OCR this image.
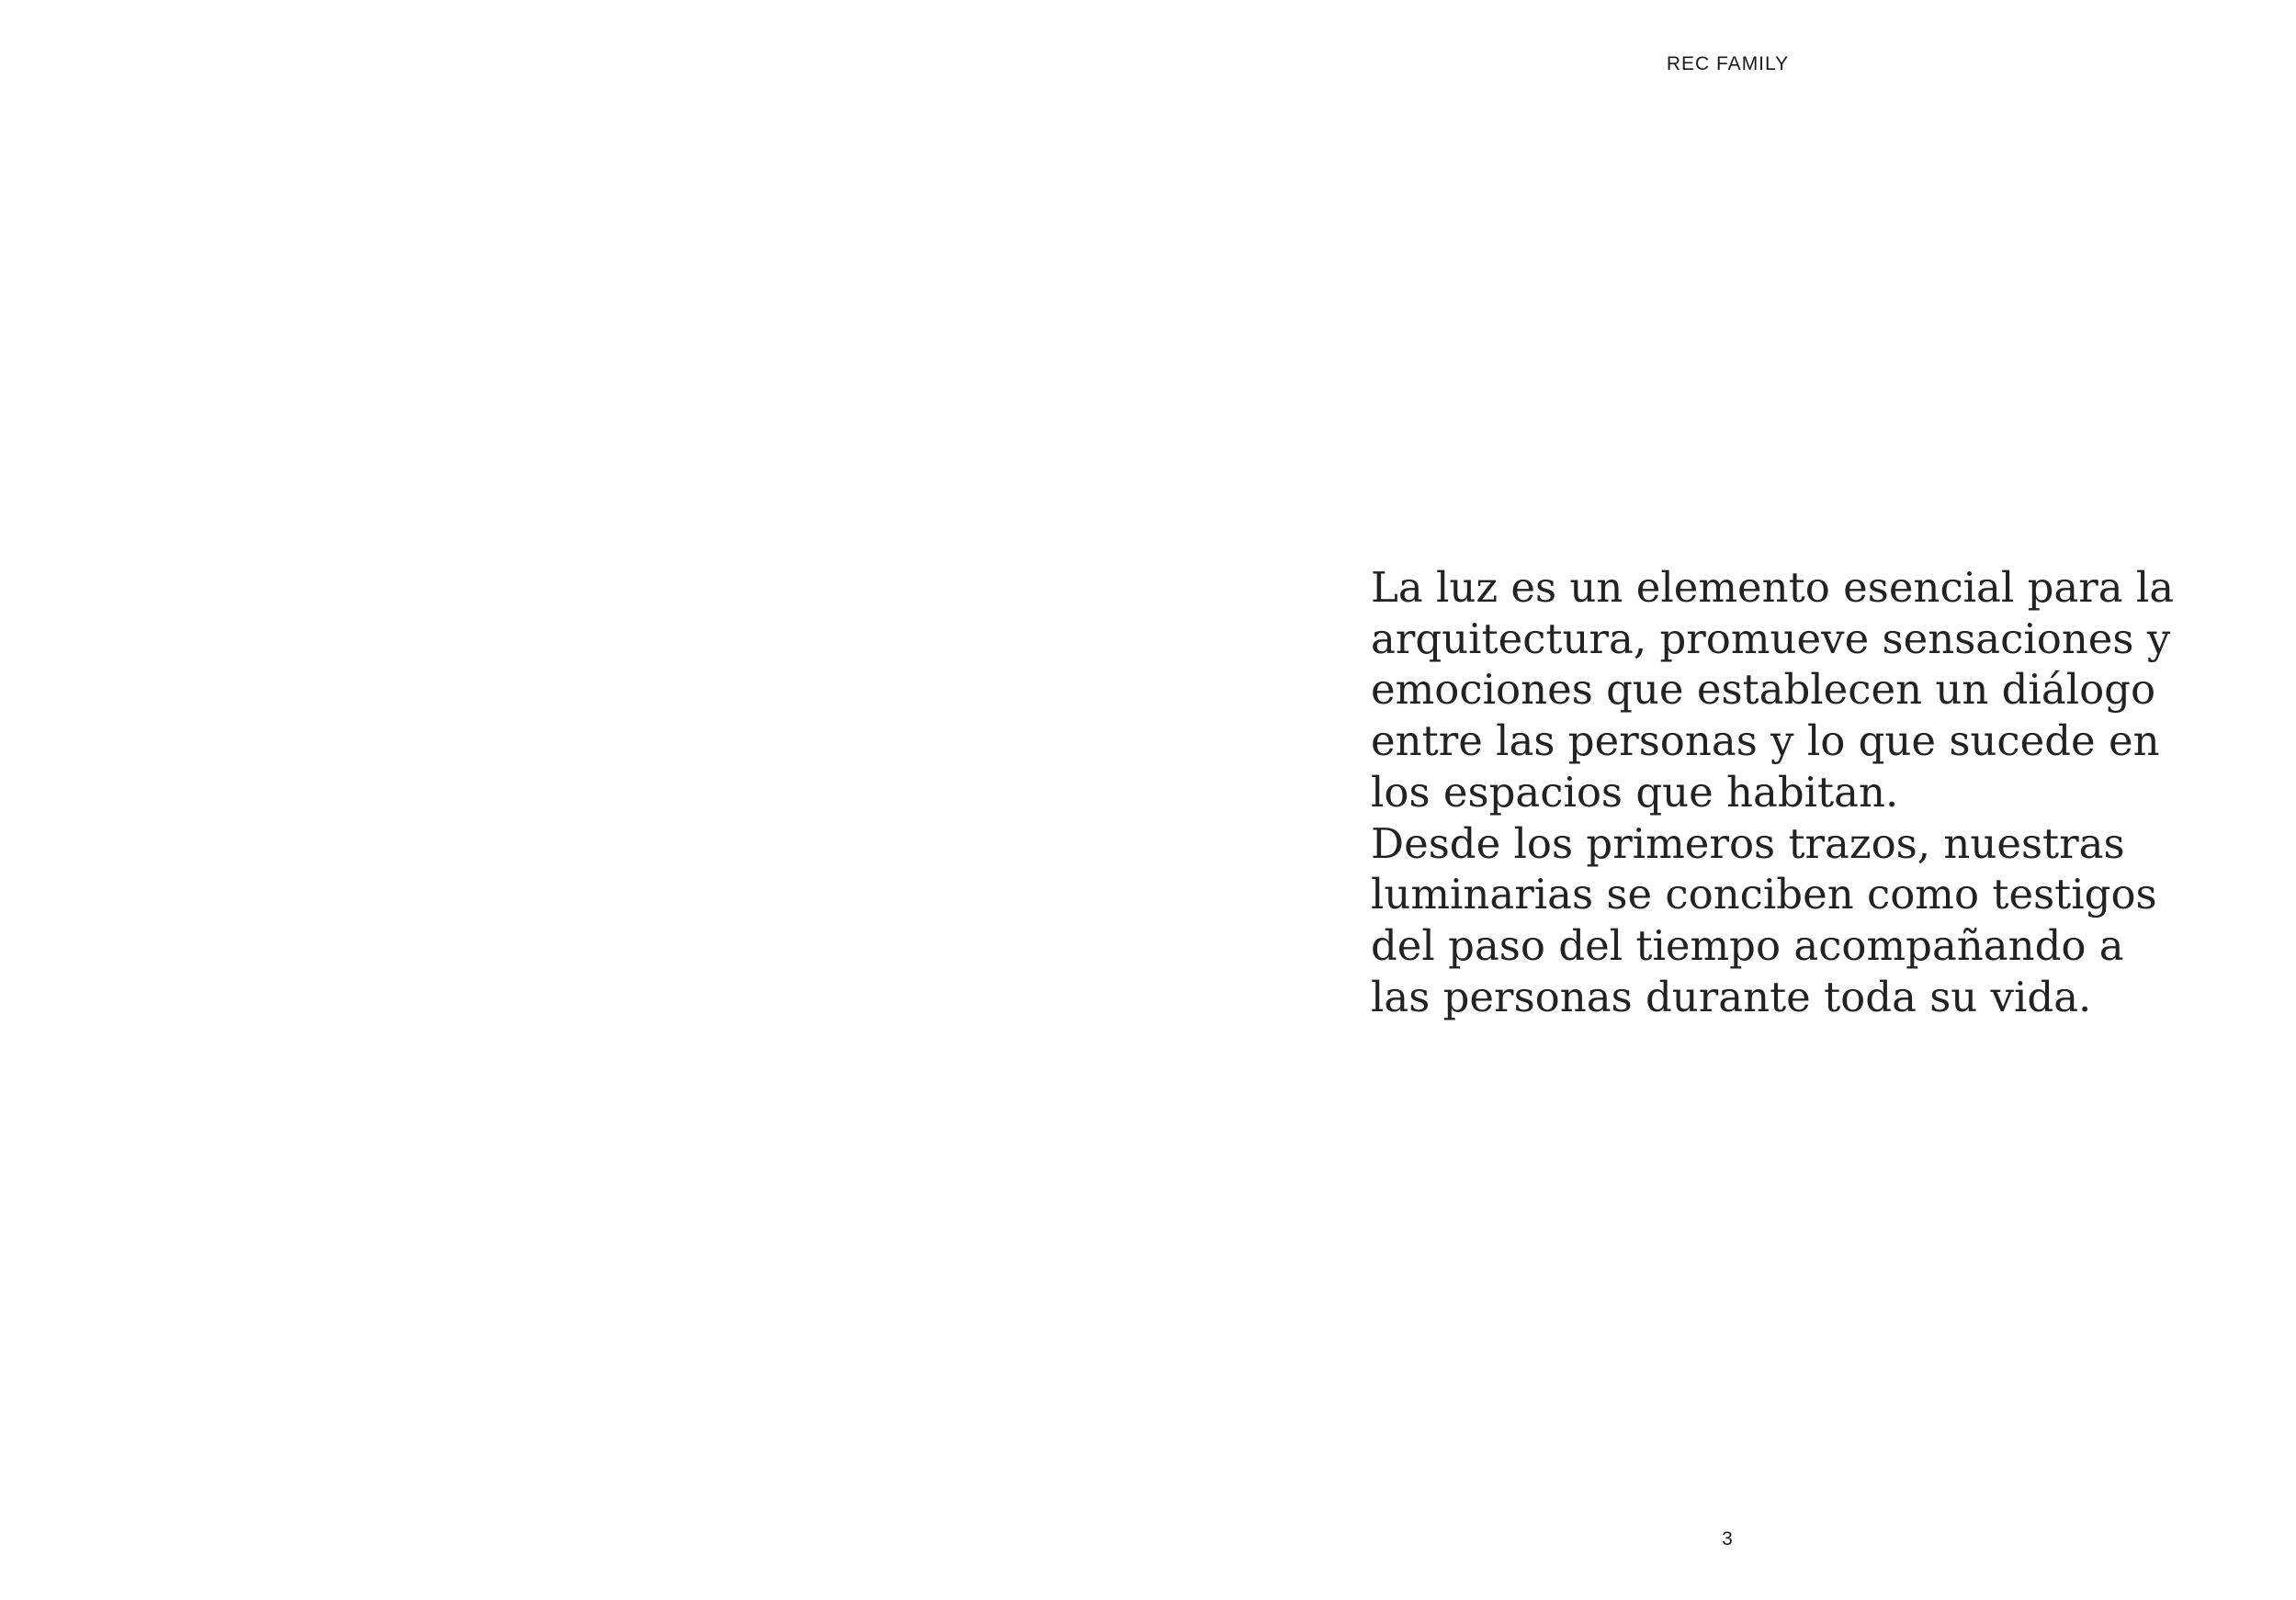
REC FAMILY

La luz es un elemento esencial para la

arquitectura, promueve sensaciones y

emociones que establecen un diálogo

entre las personas y lo que sucede en

los espacios que habitan.

Desde los primeros trazos, nuestras

luminarias se conciben como testigos

del paso del tiempo acompañando a

las personas durante toda su vida.

3
